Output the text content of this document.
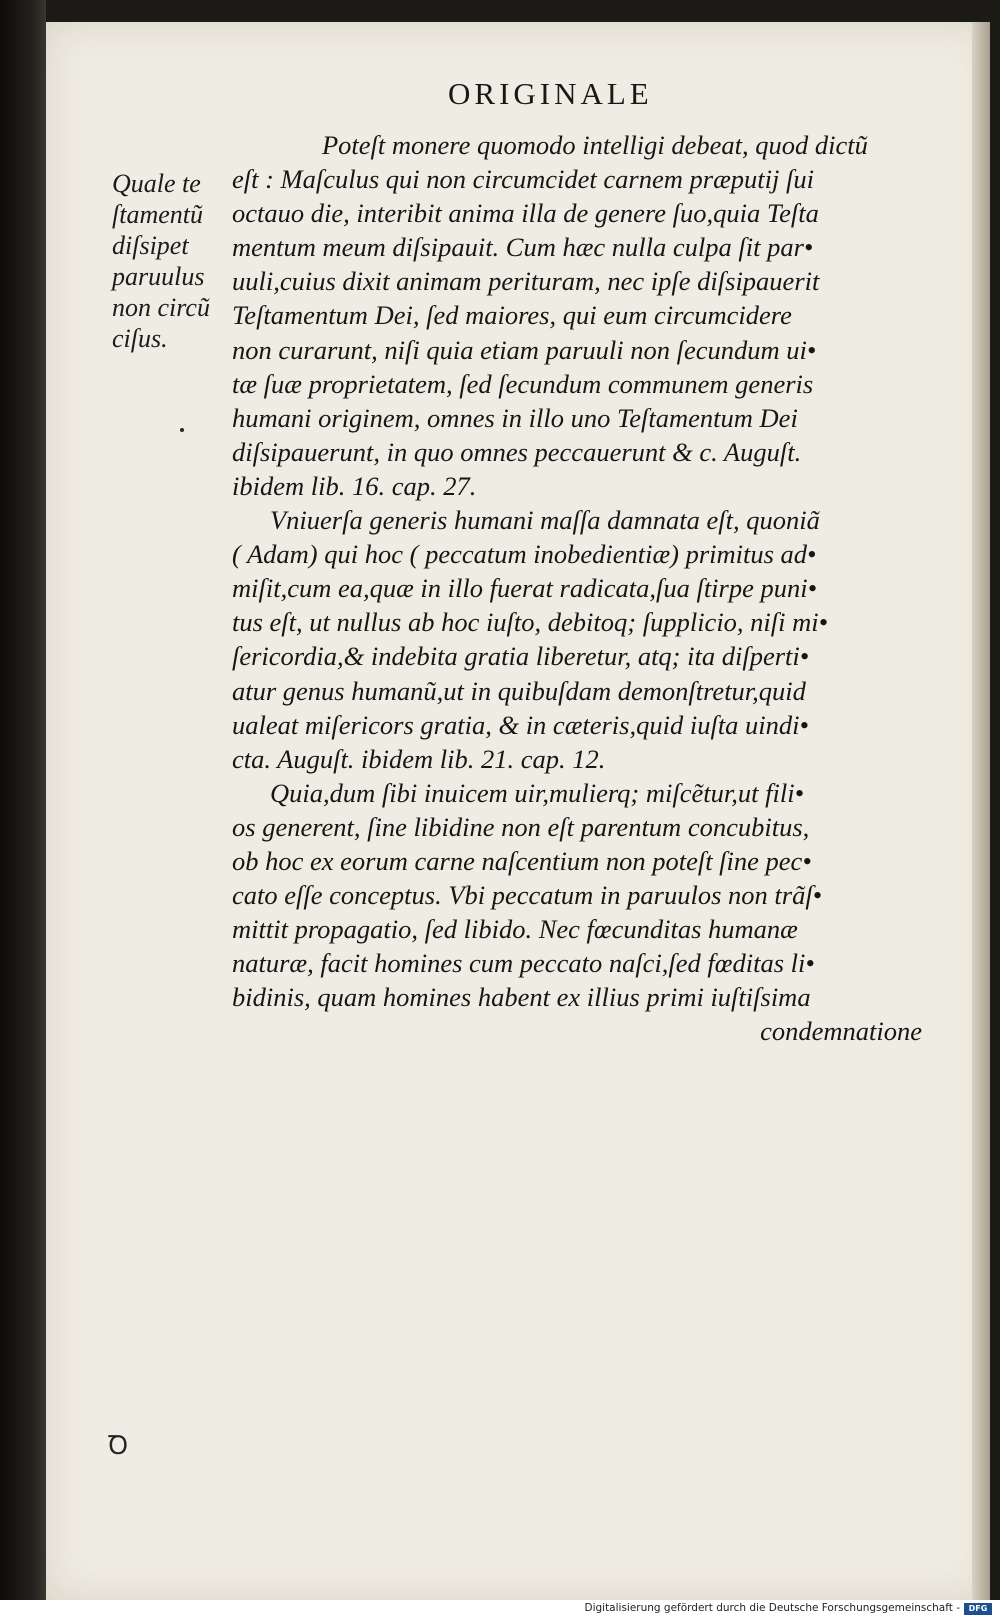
ORIGINALE
Quale te
ſtamentũ
diſsipet
paruulus
non circũ
ciſus.
Poteſt monere quomodo intelligi debeat, quod dictũ
eſt : Maſculus qui non circumcidet carnem præputij ſui
octauo die, interibit anima illa de genere ſuo,quia Teſta
mentum meum diſsipauit. Cum hæc nulla culpa ſit par•
uuli,cuius dixit animam perituram, nec ipſe diſsipauerit
Teſtamentum Dei, ſed maiores, qui eum circumcidere
non curarunt, niſi quia etiam paruuli non ſecundum ui•
tæ ſuæ proprietatem, ſed ſecundum communem generis
humani originem, omnes in illo uno Teſtamentum Dei
diſsipauerunt, in quo omnes peccauerunt & c. Auguſt.
ibidem lib. 16. cap. 27.
Vniuerſa generis humani maſſa damnata eſt, quoniã
( Adam) qui hoc ( peccatum inobedientiæ) primitus ad•
miſit,cum ea,quæ in illo fuerat radicata,ſua ſtirpe puni•
tus eſt, ut nullus ab hoc iuſto, debitoq; ſupplicio, niſi mi•
ſericordia,& indebita gratia liberetur, atq; ita diſperti•
atur genus humanũ,ut in quibuſdam demonſtretur,quid
ualeat miſericors gratia, & in cæteris,quid iuſta uindi•
cta. Auguſt. ibidem lib. 21. cap. 12.
Quia,dum ſibi inuicem uir,mulierq; miſcẽtur,ut fili•
os generent, ſine libidine non eſt parentum concubitus,
ob hoc ex eorum carne naſcentium non poteſt ſine pec•
cato eſſe conceptus. Vbi peccatum in paruulos non trãſ•
mittit propagatio, ſed libido. Nec fœcunditas humanæ
naturæ, facit homines cum peccato naſci,ſed fœditas li•
bidinis, quam homines habent ex illius primi iuſtiſsima
condemnatione
Ꝺ
Digitalisierung gefördert durch die Deutsche Forschungsgemeinschaft -	DFG
